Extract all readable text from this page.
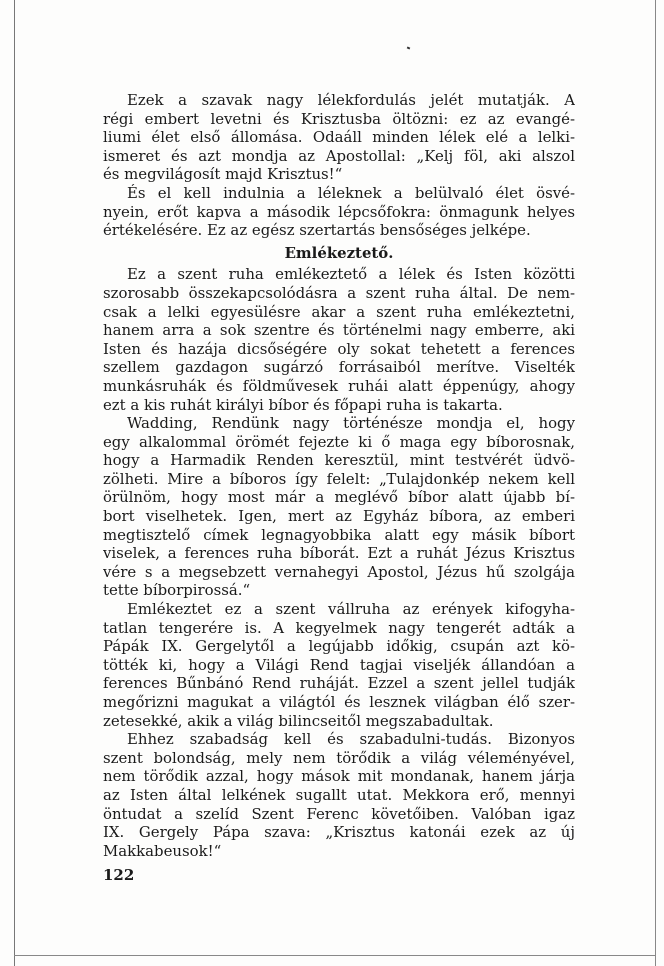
Ezek a szavak nagy lélekfordulás jelét mutatják. A
régi embert levetni és Krisztusba öltözni: ez az evangé-
liumi élet első állomása. Odaáll minden lélek elé a lelki-
ismeret és azt mondja az Apostollal: „Kelj föl, aki alszol
és megvilágosít majd Krisztus!“
És el kell indulnia a léleknek a belülvaló élet ösvé-
nyein, erőt kapva a második lépcsőfokra: önmagunk helyes
értékelésére. Ez az egész szertartás bensőséges jelképe.
Emlékeztető.
Ez a szent ruha emlékeztető a lélek és Isten közötti
szorosabb összekapcsolódásra a szent ruha által. De nem-
csak a lelki egyesülésre akar a szent ruha emlékeztetni,
hanem arra a sok szentre és történelmi nagy emberre, aki
Isten és hazája dicsőségére oly sokat tehetett a ferences
szellem gazdagon sugárzó forrásaiból merítve. Viselték
munkásruhák és földművesek ruhái alatt éppenúgy, ahogy
ezt a kis ruhát királyi bíbor és főpapi ruha is takarta.
Wadding, Rendünk nagy történésze mondja el, hogy
egy alkalommal örömét fejezte ki ő maga egy bíborosnak,
hogy a Harmadik Renden keresztül, mint testvérét üdvö-
zölheti. Mire a bíboros így felelt: „Tulajdonkép nekem kell
örülnöm, hogy most már a meglévő bíbor alatt újabb bí-
bort viselhetek. Igen, mert az Egyház bíbora, az emberi
megtisztelő címek legnagyobbika alatt egy másik bíbort
viselek, a ferences ruha bíborát. Ezt a ruhát Jézus Krisztus
vére s a megsebzett vernahegyi Apostol, Jézus hű szolgája
tette bíborpirossá.“
Emlékeztet ez a szent vállruha az erények kifogyha-
tatlan tengerére is. A kegyelmek nagy tengerét adták a
Pápák IX. Gergelytől a legújabb időkig, csupán azt kö-
tötték ki, hogy a Világi Rend tagjai viseljék állandóan a
ferences Bűnbánó Rend ruháját. Ezzel a szent jellel tudják
megőrizni magukat a világtól és lesznek világban élő szer-
zetesekké, akik a világ bilincseitől megszabadultak.
Ehhez szabadság kell és szabadulni-tudás. Bizonyos
szent bolondság, mely nem törődik a világ véleményével,
nem törődik azzal, hogy mások mit mondanak, hanem járja
az Isten által lelkének sugallt utat. Mekkora erő, mennyi
öntudat a szelíd Szent Ferenc követőiben. Valóban igaz
IX. Gergely Pápa szava: „Krisztus katonái ezek az új
Makkabeusok!“
122
